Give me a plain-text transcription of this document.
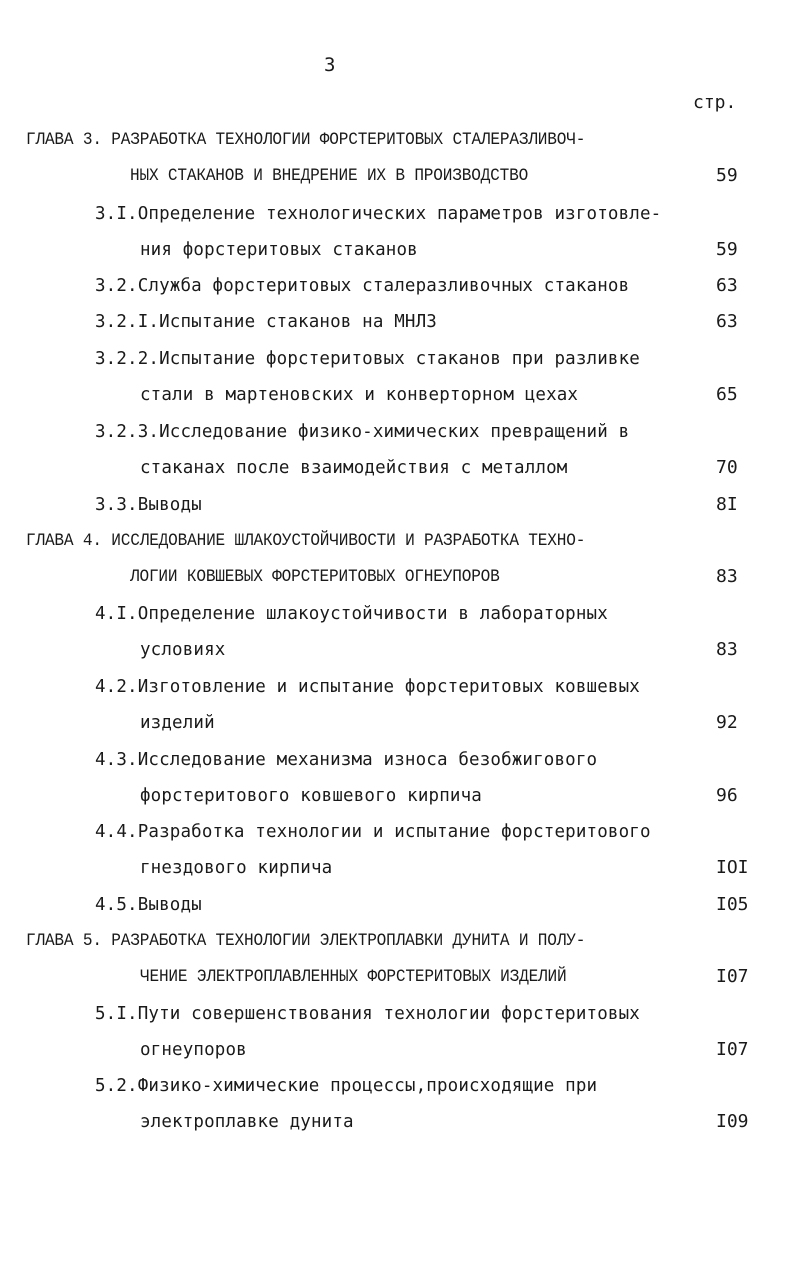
3
стр.
ГЛАВА 3. РАЗРАБОТКА ТЕХНОЛОГИИ ФОРСТЕРИТОВЫХ СТАЛЕРАЗЛИВОЧ-
НЫХ СТАКАНОВ И ВНЕДРЕНИЕ ИХ В ПРОИЗВОДСТВО	59
3.I.Определение технологических параметров изготовле-
ния форстеритовых стаканов	59
3.2.Служба форстеритовых сталеразливочных стаканов	63
3.2.I.Испытание стаканов на МНЛЗ	63
3.2.2.Испытание форстеритовых стаканов при разливке
стали в мартеновских и конверторном цехах	65
3.2.3.Исследование физико-химических превращений в
стаканах после взаимодействия с металлом	70
3.3.Выводы	8I
ГЛАВА 4. ИССЛЕДОВАНИЕ ШЛАКОУСТОЙЧИВОСТИ И РАЗРАБОТКА ТЕХНО-
ЛОГИИ КОВШЕВЫХ ФОРСТЕРИТОВЫХ ОГНЕУПОРОВ	83
4.I.Определение шлакоустойчивости в лабораторных
условиях	83
4.2.Изготовление и испытание форстеритовых ковшевых
изделий	92
4.3.Исследование механизма износа безобжигового
форстеритового ковшевого кирпича	96
4.4.Разработка технологии и испытание форстеритового
гнездового кирпича	IOI
4.5.Выводы	I05
ГЛАВА 5. РАЗРАБОТКА ТЕХНОЛОГИИ ЭЛЕКТРОПЛАВКИ ДУНИТА И ПОЛУ-
ЧЕНИЕ ЭЛЕКТРОПЛАВЛЕННЫХ ФОРСТЕРИТОВЫХ ИЗДЕЛИЙ	I07
5.I.Пути совершенствования технологии форстеритовых
огнеупоров	I07
5.2.Физико-химические процессы,происходящие при
электроплавке дунита	I09
